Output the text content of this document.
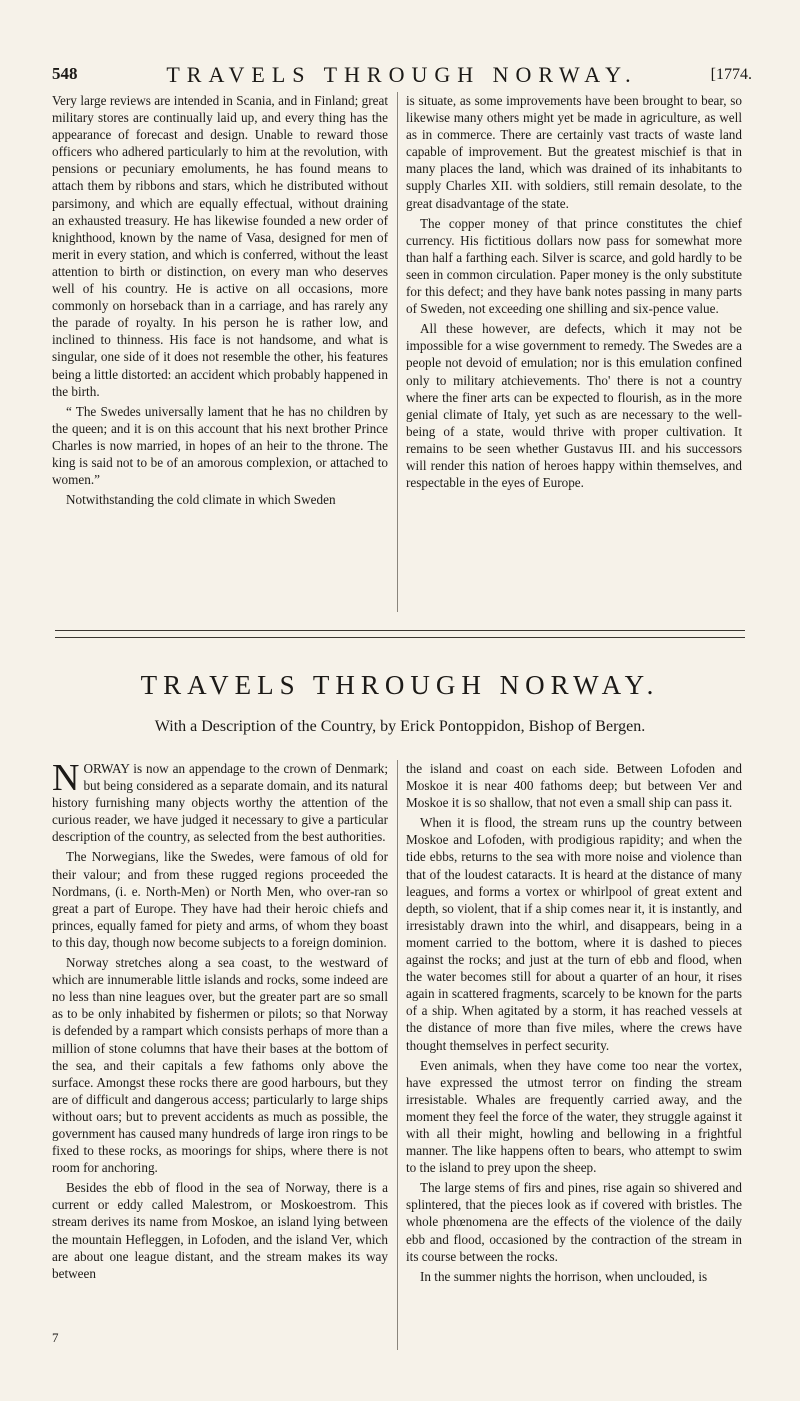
548	TRAVELS THROUGH NORWAY.	[1774.

Very large reviews are intended in Scania, and in Finland; great military stores are continually laid up, and every thing has the appearance of forecast and design. Unable to reward those officers who adhered particularly to him at the revolution, with pensions or pecuniary emoluments, he has found means to attach them by ribbons and stars, which he distributed without parsimony, and which are equally effectual, without draining an exhausted treasury. He has likewise founded a new order of knighthood, known by the name of Vasa, designed for men of merit in every station, and which is conferred, without the least attention to birth or distinction, on every man who deserves well of his country. He is active on all occasions, more commonly on horseback than in a carriage, and has rarely any the parade of royalty. In his person he is rather low, and inclined to thinness. His face is not handsome, and what is singular, one side of it does not resemble the other, his features being a little distorted: an accident which probably happened in the birth.

“ The Swedes universally lament that he has no children by the queen; and it is on this account that his next brother Prince Charles is now married, in hopes of an heir to the throne. The king is said not to be of an amorous complexion, or attached to women.”

Notwithstanding the cold climate in which Sweden

is situate, as some improvements have been brought to bear, so likewise many others might yet be made in agriculture, as well as in commerce. There are certainly vast tracts of waste land capable of improvement. But the greatest mischief is that in many places the land, which was drained of its inhabitants to supply Charles XII. with soldiers, still remain desolate, to the great disadvantage of the state.

The copper money of that prince constitutes the chief currency. His fictitious dollars now pass for somewhat more than half a farthing each. Silver is scarce, and gold hardly to be seen in common circulation. Paper money is the only substitute for this defect; and they have bank notes passing in many parts of Sweden, not exceeding one shilling and six-pence value.

All these however, are defects, which it may not be impossible for a wise government to remedy. The Swedes are a people not devoid of emulation; nor is this emulation confined only to military atchievements. Tho' there is not a country where the finer arts can be expected to flourish, as in the more genial climate of Italy, yet such as are necessary to the well-being of a state, would thrive with proper cultivation. It remains to be seen whether Gustavus III. and his successors will render this nation of heroes happy within themselves, and respectable in the eyes of Europe.

TRAVELS THROUGH NORWAY.
With a Description of the Country, by Erick Pontoppidon, Bishop of Bergen.

NORWAY is now an appendage to the crown of Denmark; but being considered as a separate domain, and its natural history furnishing many objects worthy the attention of the curious reader, we have judged it necessary to give a particular description of the country, as selected from the best authorities.

The Norwegians, like the Swedes, were famous of old for their valour; and from these rugged regions proceeded the Nordmans, (i. e. North-Men) or North Men, who over-ran so great a part of Europe. They have had their heroic chiefs and princes, equally famed for piety and arms, of whom they boast to this day, though now become subjects to a foreign dominion.

Norway stretches along a sea coast, to the westward of which are innumerable little islands and rocks, some indeed are no less than nine leagues over, but the greater part are so small as to be only inhabited by fishermen or pilots; so that Norway is defended by a rampart which consists perhaps of more than a million of stone columns that have their bases at the bottom of the sea, and their capitals a few fathoms only above the surface. Amongst these rocks there are good harbours, but they are of difficult and dangerous access; particularly to large ships without oars; but to prevent accidents as much as possible, the government has caused many hundreds of large iron rings to be fixed to these rocks, as moorings for ships, where there is not room for anchoring.

Besides the ebb of flood in the sea of Norway, there is a current or eddy called Malestrom, or Moskoestrom. This stream derives its name from Moskoe, an island lying between the mountain Hefleggen, in Lofoden, and the island Ver, which are about one league distant, and the stream makes its way between

the island and coast on each side. Between Lofoden and Moskoe it is near 400 fathoms deep; but between Ver and Moskoe it is so shallow, that not even a small ship can pass it.

When it is flood, the stream runs up the country between Moskoe and Lofoden, with prodigious rapidity; and when the tide ebbs, returns to the sea with more noise and violence than that of the loudest cataracts. It is heard at the distance of many leagues, and forms a vortex or whirlpool of great extent and depth, so violent, that if a ship comes near it, it is instantly, and irresistably drawn into the whirl, and disappears, being in a moment carried to the bottom, where it is dashed to pieces against the rocks; and just at the turn of ebb and flood, when the water becomes still for about a quarter of an hour, it rises again in scattered fragments, scarcely to be known for the parts of a ship. When agitated by a storm, it has reached vessels at the distance of more than five miles, where the crews have thought themselves in perfect security.

Even animals, when they have come too near the vortex, have expressed the utmost terror on finding the stream irresistable. Whales are frequently carried away, and the moment they feel the force of the water, they struggle against it with all their might, howling and bellowing in a frightful manner. The like happens often to bears, who attempt to swim to the island to prey upon the sheep.

The large stems of firs and pines, rise again so shivered and splintered, that the pieces look as if covered with bristles. The whole phœnomena are the effects of the violence of the daily ebb and flood, occasioned by the contraction of the stream in its course between the rocks.

In the summer nights the horrison, when unclouded, is

7
